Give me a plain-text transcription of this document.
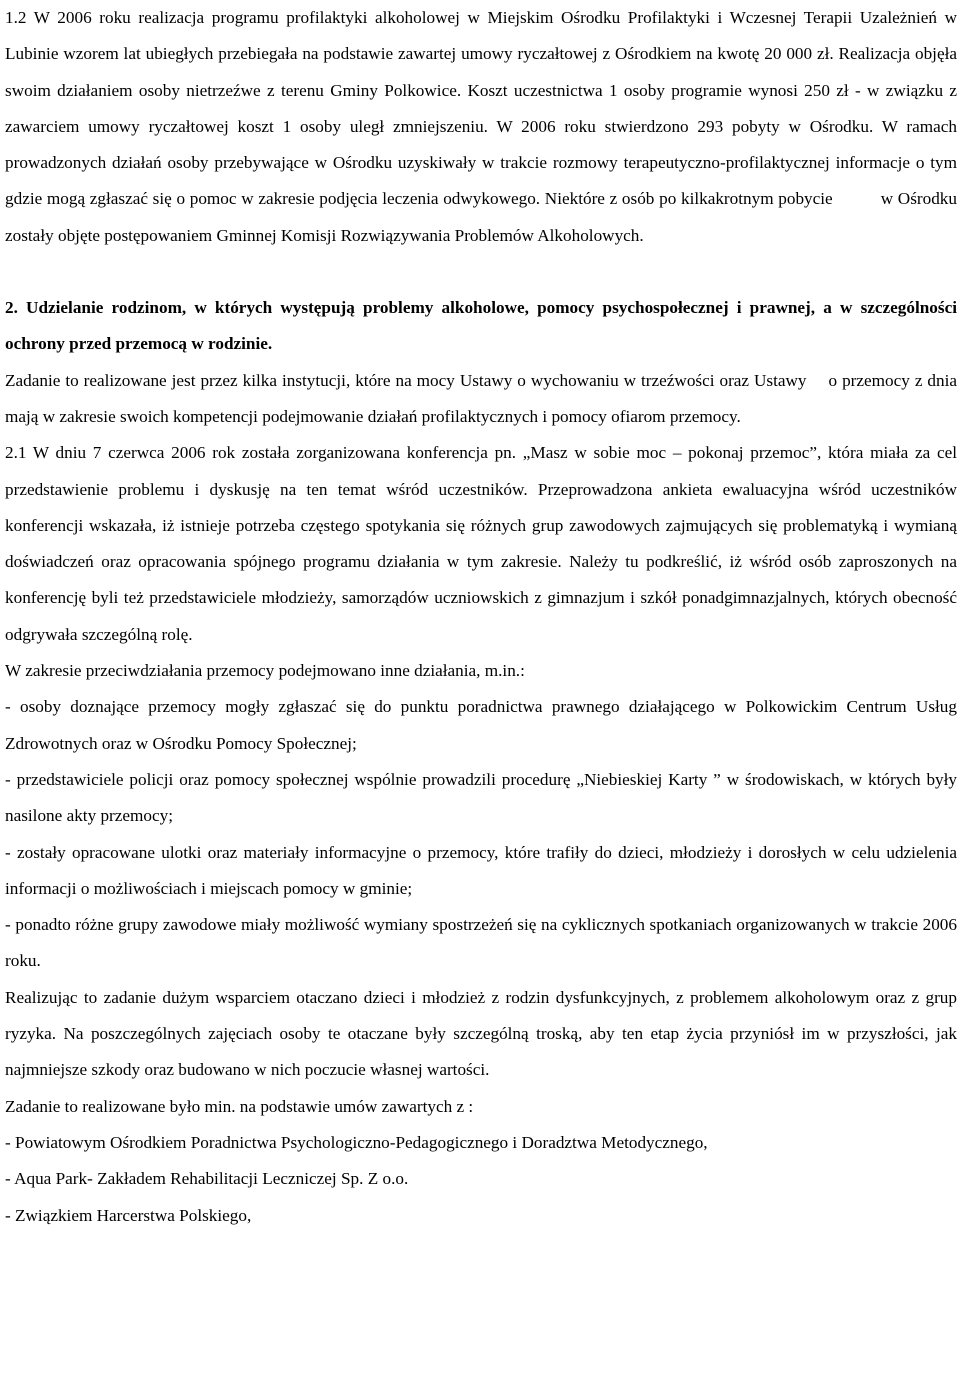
1.2 W 2006 roku realizacja programu profilaktyki alkoholowej w Miejskim Ośrodku Profilaktyki i Wczesnej Terapii Uzależnień w Lubinie wzorem lat ubiegłych przebiegała na podstawie zawartej umowy ryczałtowej z Ośrodkiem na kwotę 20 000 zł. Realizacja objęła swoim działaniem osoby nietrzeźwe z terenu Gminy Polkowice. Koszt uczestnictwa 1 osoby programie wynosi 250 zł - w związku z zawarciem umowy ryczałtowej koszt 1 osoby uległ zmniejszeniu. W 2006 roku stwierdzono 293 pobyty w Ośrodku. W ramach prowadzonych działań osoby przebywające w Ośrodku uzyskiwały w trakcie rozmowy terapeutyczno-profilaktycznej informacje o tym gdzie mogą zgłaszać się o pomoc w zakresie podjęcia leczenia odwykowego. Niektóre z osób po kilkakrotnym pobycie	w Ośrodku zostały objęte postępowaniem Gminnej Komisji Rozwiązywania Problemów Alkoholowych.

2. Udzielanie rodzinom, w których występują problemy alkoholowe, pomocy psychospołecznej i prawnej, a w szczególności ochrony przed przemocą w rodzinie.

Zadanie to realizowane jest przez kilka instytucji, które na mocy Ustawy o wychowaniu w trzeźwości oraz Ustawy o przemocy z dnia mają w zakresie swoich kompetencji podejmowanie działań profilaktycznych i pomocy ofiarom przemocy.

2.1 W dniu 7 czerwca 2006 rok została zorganizowana konferencja pn. „Masz w sobie moc – pokonaj przemoc”, która miała za cel przedstawienie problemu i dyskusję na ten temat wśród uczestników. Przeprowadzona ankieta ewaluacyjna wśród uczestników konferencji wskazała, iż istnieje potrzeba częstego spotykania się różnych grup zawodowych zajmujących się problematyką i wymianą doświadczeń oraz opracowania spójnego programu działania w tym zakresie. Należy tu podkreślić, iż wśród osób zaproszonych na konferencję byli też przedstawiciele młodzieży, samorządów uczniowskich z gimnazjum i szkół ponadgimnazjalnych, których obecność odgrywała szczególną rolę.

W zakresie przeciwdziałania przemocy podejmowano inne działania, m.in.:

- osoby doznające przemocy mogły zgłaszać się do punktu poradnictwa prawnego działającego w Polkowickim Centrum Usług Zdrowotnych oraz w Ośrodku Pomocy Społecznej;

- przedstawiciele policji oraz pomocy społecznej wspólnie prowadzili procedurę „Niebieskiej Karty ” w środowiskach, w których były nasilone akty przemocy;

- zostały opracowane ulotki oraz materiały informacyjne o przemocy, które trafiły do dzieci, młodzieży i dorosłych w celu udzielenia informacji o możliwościach i miejscach pomocy w gminie;

- ponadto różne grupy zawodowe miały możliwość wymiany spostrzeżeń się na cyklicznych spotkaniach organizowanych w trakcie 2006 roku.

Realizując to zadanie dużym wsparciem otaczano dzieci i młodzież z rodzin dysfunkcyjnych, z problemem alkoholowym oraz z grup ryzyka. Na poszczególnych zajęciach osoby te otaczane były szczególną troską, aby ten etap życia przyniósł im w przyszłości, jak najmniejsze szkody oraz budowano w nich poczucie własnej wartości.

Zadanie to realizowane było min. na podstawie umów zawartych z :

- Powiatowym Ośrodkiem Poradnictwa Psychologiczno-Pedagogicznego i Doradztwa Metodycznego,

- Aqua Park- Zakładem Rehabilitacji Leczniczej Sp. Z o.o.

- Związkiem Harcerstwa Polskiego,
